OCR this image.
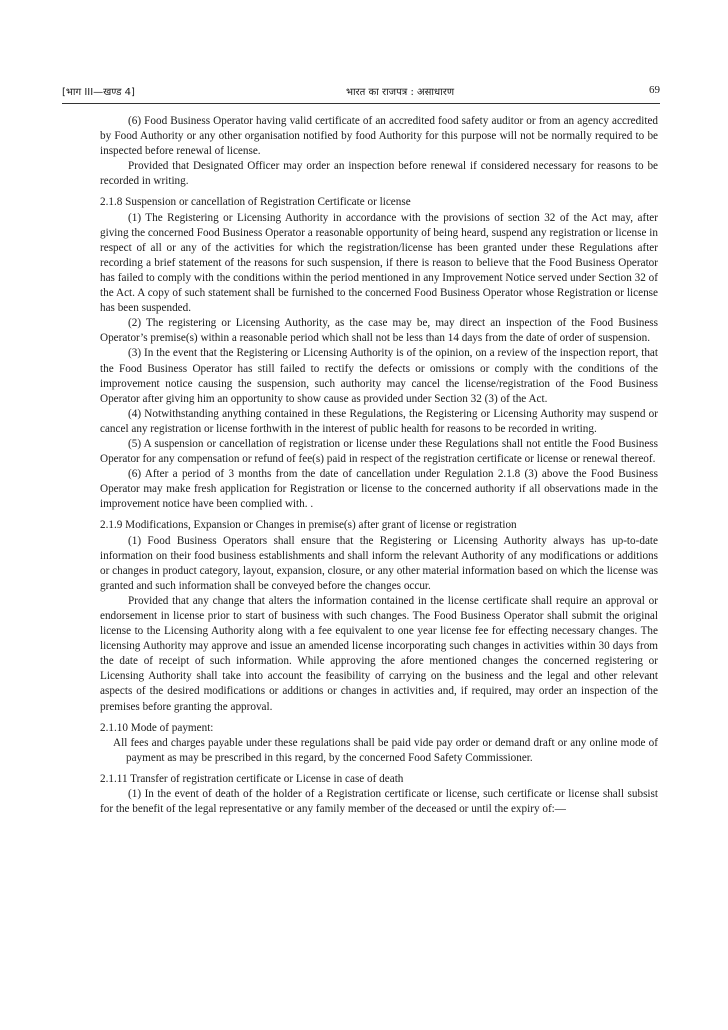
[भाग III—खण्ड 4]	भारत का राजपत्र : असाधारण	69

(6) Food Business Operator having valid certificate of an accredited food safety auditor or from an agency accredited by Food Authority or any other organisation notified by food Authority for this purpose will not be normally required to be inspected before renewal of license.

Provided that Designated Officer may order an inspection before renewal if considered necessary for reasons to be recorded in writing.

2.1.8 Suspension or cancellation of Registration Certificate or license

(1) The Registering or Licensing Authority in accordance with the provisions of section 32 of the Act may, after giving the concerned Food Business Operator a reasonable opportunity of being heard, suspend any registration or license in respect of all or any of the activities for which the registration/license has been granted under these Regulations after recording a brief statement of the reasons for such suspension, if there is reason to believe that the Food Business Operator has failed to comply with the conditions within the period mentioned in any Improvement Notice served under Section 32 of the Act. A copy of such statement shall be furnished to the concerned Food Business Operator whose Registration or license has been suspended.

(2) The registering or Licensing Authority, as the case may be, may direct an inspection of the Food Business Operator’s premise(s) within a reasonable period which shall not be less than 14 days from the date of order of suspension.

(3) In the event that the Registering or Licensing Authority is of the opinion, on a review of the inspection report, that the Food Business Operator has still failed to rectify the defects or omissions or comply with the conditions of the improvement notice causing the suspension, such authority may cancel the license/registration of the Food Business Operator after giving him an opportunity to show cause as provided under Section 32 (3) of the Act.

(4) Notwithstanding anything contained in these Regulations, the Registering or Licensing Authority may suspend or cancel any registration or license forthwith in the interest of public health for reasons to be recorded in writing.

(5) A suspension or cancellation of registration or license under these Regulations shall not entitle the Food Business Operator for any compensation or refund of fee(s) paid in respect of the registration certificate or license or renewal thereof.

(6) After a period of 3 months from the date of cancellation under Regulation 2.1.8 (3) above the Food Business Operator may make fresh application for Registration or license to the concerned authority if all observations made in the improvement notice have been complied with. .

2.1.9 Modifications, Expansion or Changes in premise(s) after grant of license or registration

(1) Food Business Operators shall ensure that the Registering or Licensing Authority always has up-to-date information on their food business establishments and shall inform the relevant Authority of any modifications or additions or changes in product category, layout, expansion, closure, or any other material information based on which the license was granted and such information shall be conveyed before the changes occur.

Provided that any change that alters the information contained in the license certificate shall require an approval or endorsement in license prior to start of business with such changes. The Food Business Operator shall submit the original license to the Licensing Authority along with a fee equivalent to one year license fee for effecting necessary changes. The licensing Authority may approve and issue an amended license incorporating such changes in activities within 30 days from the date of receipt of such information. While approving the afore mentioned changes the concerned registering or Licensing Authority shall take into account the feasibility of carrying on the business and the legal and other relevant aspects of the desired modifications or additions or changes in activities and, if required, may order an inspection of the premises before granting the approval.

2.1.10 Mode of payment:

All fees and charges payable under these regulations shall be paid vide pay order or demand draft or any online mode of payment as may be prescribed in this regard, by the concerned Food Safety Commissioner.

2.1.11 Transfer of registration certificate or License in case of death

(1) In the event of death of the holder of a Registration certificate or license, such certificate or license shall subsist for the benefit of the legal representative or any family member of the deceased or until the expiry of:—
